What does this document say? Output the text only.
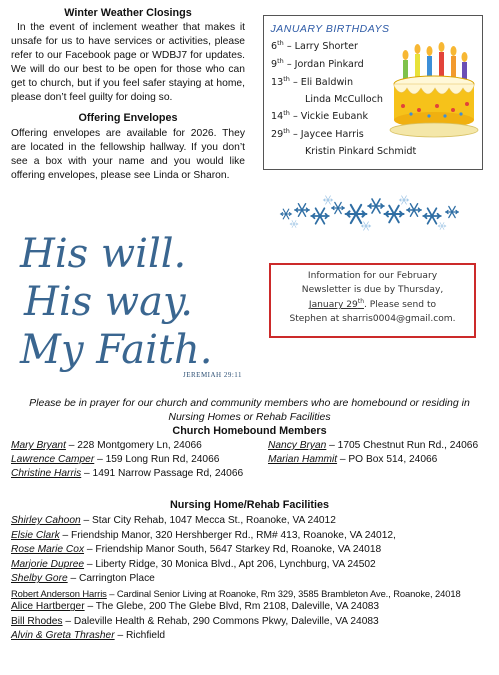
Winter Weather Closings

In the event of inclement weather that makes it unsafe for us to have services or activities, please refer to our Facebook page or WDBJ7 for updates. We will do our best to be open for those who can get to church, but if you feel safer staying at home, please don’t feel guilty for doing so.

Offering Envelopes

Offering envelopes are available for 2026. They are located in the fellowship hallway. If you don’t see a box with your name and you would like offering envelopes, please see Linda or Sharon.

JANUARY BIRTHDAYS
6th – Larry Shorter
9th – Jordan Pinkard
13th – Eli Baldwin
Linda McCulloch
14th – Vickie Eubank
29th – Jaycee Harris
Kristin Pinkard Schmidt
Information for our February
Newsletter is due by Thursday,
January 29th. Please send to
Stephen at sharris0004@gmail.com.
His will.
His way.
My Faith.
JEREMIAH 29:11
Please be in prayer for our church and community members who are homebound or residing in Nursing Homes or Rehab Facilities
Church Homebound Members
Mary Bryant – 228 Montgomery Ln, 24066
Lawrence Camper – 159 Long Run Rd, 24066
Christine Harris – 1491 Narrow Passage Rd, 24066
Nancy Bryan – 1705 Chestnut Run Rd., 24066
Marian Hammit – PO Box 514, 24066
Nursing Home/Rehab Facilities
Shirley Cahoon – Star City Rehab, 1047 Mecca St., Roanoke, VA 24012
Elsie Clark – Friendship Manor, 320 Hershberger Rd., RM# 413, Roanoke, VA 24012,
Rose Marie Cox – Friendship Manor South, 5647 Starkey Rd, Roanoke, VA 24018
Marjorie Dupree – Liberty Ridge, 30 Monica Blvd., Apt 206, Lynchburg, VA 24502
Shelby Gore – Carrington Place
Robert Anderson Harris – Cardinal Senior Living at Roanoke, Rm 329, 3585 Brambleton Ave., Roanoke, 24018
Alice Hartberger – The Glebe, 200 The Glebe Blvd, Rm 2108, Daleville, VA 24083
Bill Rhodes – Daleville Health & Rehab, 290 Commons Pkwy, Daleville, VA 24083
Alvin & Greta Thrasher – Richfield
